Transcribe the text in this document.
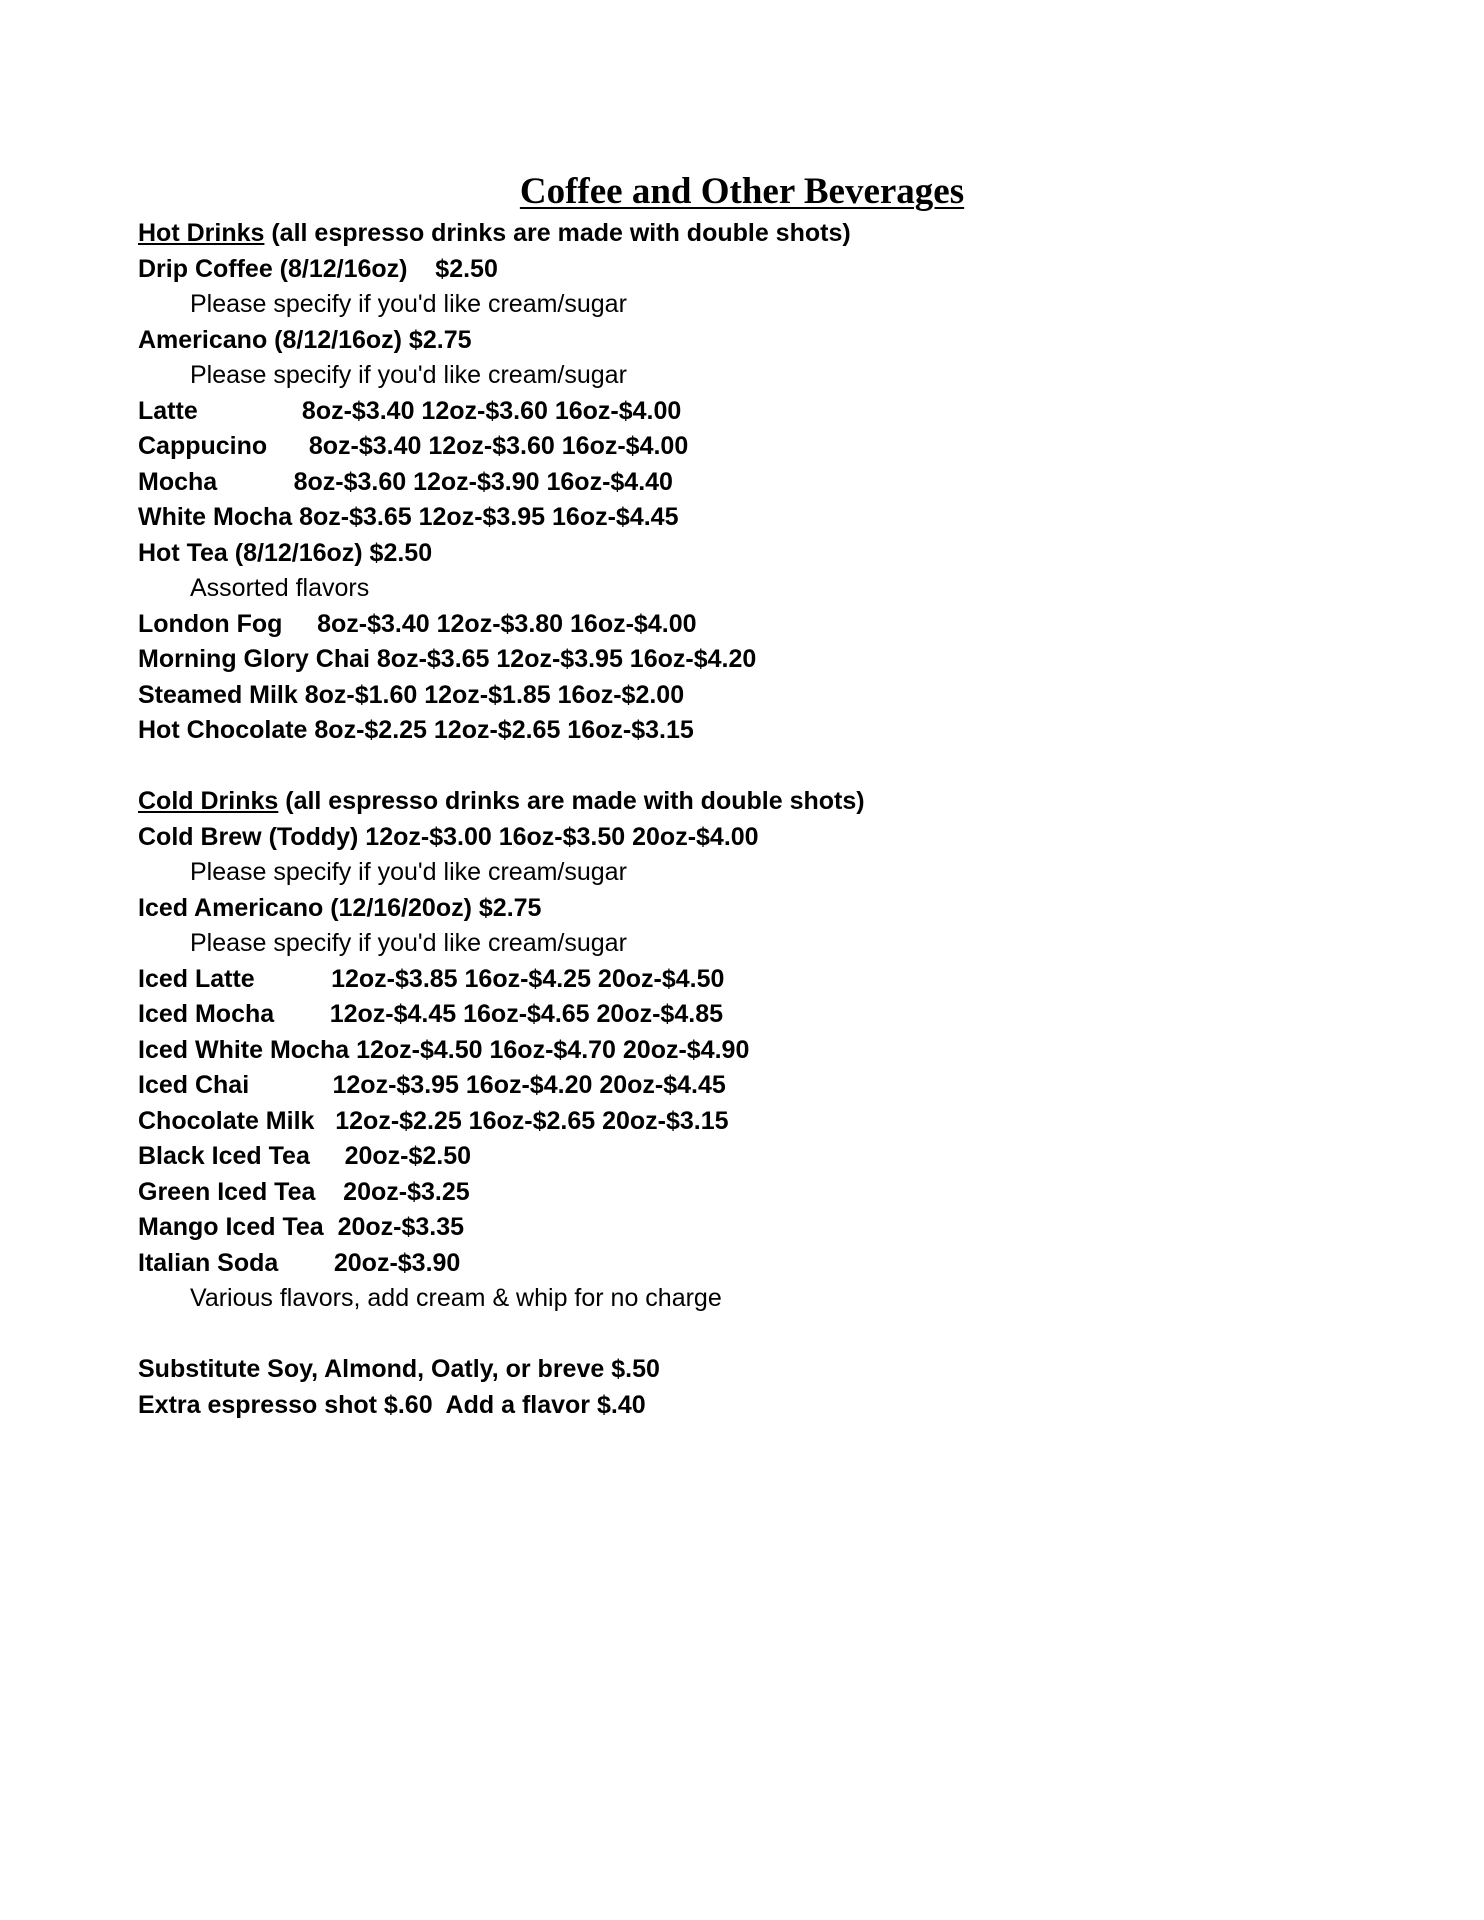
Coffee and Other Beverages
Hot Drinks (all espresso drinks are made with double shots)
Drip Coffee (8/12/16oz)    $2.50
Please specify if you'd like cream/sugar
Americano (8/12/16oz) $2.75
Please specify if you'd like cream/sugar
Latte               8oz-$3.40 12oz-$3.60 16oz-$4.00
Cappucino      8oz-$3.40 12oz-$3.60 16oz-$4.00
Mocha           8oz-$3.60 12oz-$3.90 16oz-$4.40
White Mocha 8oz-$3.65 12oz-$3.95 16oz-$4.45
Hot Tea (8/12/16oz) $2.50
Assorted flavors
London Fog     8oz-$3.40 12oz-$3.80 16oz-$4.00
Morning Glory Chai 8oz-$3.65 12oz-$3.95 16oz-$4.20
Steamed Milk 8oz-$1.60 12oz-$1.85 16oz-$2.00
Hot Chocolate 8oz-$2.25 12oz-$2.65 16oz-$3.15
Cold Drinks (all espresso drinks are made with double shots)
Cold Brew (Toddy) 12oz-$3.00 16oz-$3.50 20oz-$4.00
Please specify if you'd like cream/sugar
Iced Americano (12/16/20oz) $2.75
Please specify if you'd like cream/sugar
Iced Latte           12oz-$3.85 16oz-$4.25 20oz-$4.50
Iced Mocha        12oz-$4.45 16oz-$4.65 20oz-$4.85
Iced White Mocha 12oz-$4.50 16oz-$4.70 20oz-$4.90
Iced Chai            12oz-$3.95 16oz-$4.20 20oz-$4.45
Chocolate Milk   12oz-$2.25 16oz-$2.65 20oz-$3.15
Black Iced Tea     20oz-$2.50
Green Iced Tea    20oz-$3.25
Mango Iced Tea  20oz-$3.35
Italian Soda        20oz-$3.90
Various flavors, add cream & whip for no charge
Substitute Soy, Almond, Oatly, or breve $.50
Extra espresso shot $.60  Add a flavor $.40
